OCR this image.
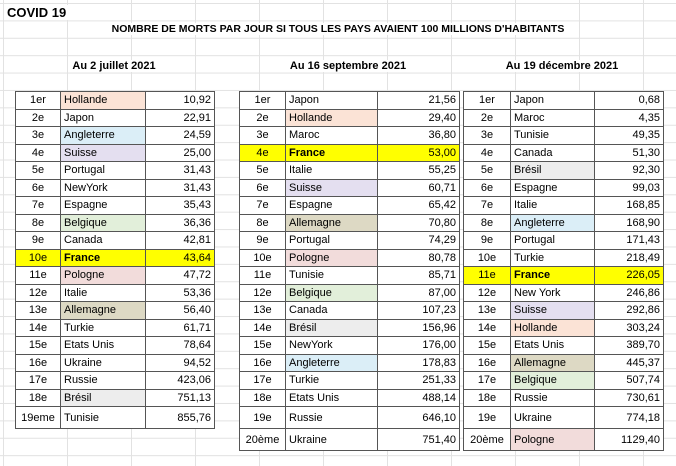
COVID 19
NOMBRE DE MORTS PAR JOUR SI TOUS LES PAYS AVAIENT 100 MILLIONS D'HABITANTS
Au 2 juillet 2021	Au 16 septembre 2021	Au 19 décembre 2021
1er	Hollande	10,92
2e	Japon	22,91
3e	Angleterre	24,59
4e	Suisse	25,00
5e	Portugal	31,43
6e	NewYork	31,43
7e	Espagne	35,43
8e	Belgique	36,36
9e	Canada	42,81
10e	France	43,64
11e	Pologne	47,72
12e	Italie	53,36
13e	Allemagne	56,40
14e	Turkie	61,71
15e	Etats Unis	78,64
16e	Ukraine	94,52
17e	Russie	423,06
18e	Brésil	751,13
19eme	Tunisie	855,76
1er	Japon	21,56
2e	Hollande	29,40
3e	Maroc	36,80
4e	France	53,00
5e	Italie	55,25
6e	Suisse	60,71
7e	Espagne	65,42
8e	Allemagne	70,80
9e	Portugal	74,29
10e	Pologne	80,78
11e	Tunisie	85,71
12e	Belgique	87,00
13e	Canada	107,23
14e	Brésil	156,96
15e	NewYork	176,00
16e	Angleterre	178,83
17e	Turkie	251,33
18e	Etats Unis	488,14
19e	Russie	646,10
20ème	Ukraine	751,40
1er	Japon	0,68
2e	Maroc	4,35
3e	Tunisie	49,35
4e	Canada	51,30
5e	Brésil	92,30
6e	Espagne	99,03
7e	Italie	168,85
8e	Angleterre	168,90
9e	Portugal	171,43
10e	Turkie	218,49
11e	France	226,05
12e	New York	246,86
13e	Suisse	292,86
14e	Hollande	303,24
15e	Etats Unis	389,70
16e	Allemagne	445,37
17e	Belgique	507,74
18e	Russie	730,61
19e	Ukraine	774,18
20ème	Pologne	1129,40
